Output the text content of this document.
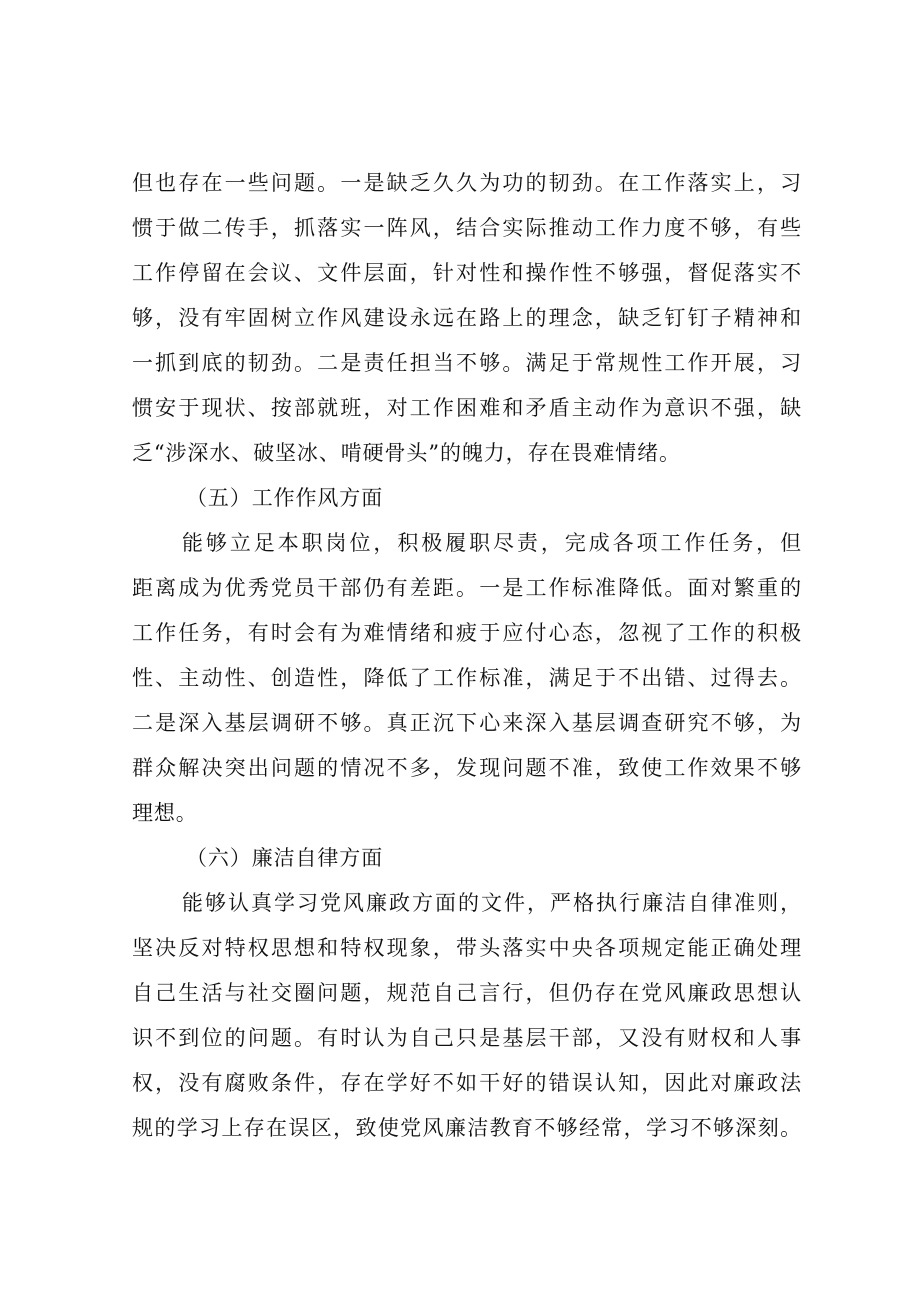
但也存在一些问题。一是缺乏久久为功的韧劲。在工作落实上，习
惯于做二传手，抓落实一阵风，结合实际推动工作力度不够，有些
工作停留在会议、文件层面，针对性和操作性不够强，督促落实不
够，没有牢固树立作风建设永远在路上的理念，缺乏钉钉子精神和
一抓到底的韧劲。二是责任担当不够。满足于常规性工作开展，习
惯安于现状、按部就班，对工作困难和矛盾主动作为意识不强，缺
乏“涉深水、破坚冰、啃硬骨头”的魄力，存在畏难情绪。
（五）工作作风方面
能够立足本职岗位，积极履职尽责，完成各项工作任务，但
距离成为优秀党员干部仍有差距。一是工作标准降低。面对繁重的
工作任务，有时会有为难情绪和疲于应付心态，忽视了工作的积极
性、主动性、创造性，降低了工作标准，满足于不出错、过得去。
二是深入基层调研不够。真正沉下心来深入基层调查研究不够，为
群众解决突出问题的情况不多，发现问题不准，致使工作效果不够
理想。
（六）廉洁自律方面
能够认真学习党风廉政方面的文件，严格执行廉洁自律准则，
坚决反对特权思想和特权现象，带头落实中央各项规定能正确处理
自己生活与社交圈问题，规范自己言行，但仍存在党风廉政思想认
识不到位的问题。有时认为自己只是基层干部，又没有财权和人事
权，没有腐败条件，存在学好不如干好的错误认知，因此对廉政法
规的学习上存在误区，致使党风廉洁教育不够经常，学习不够深刻。
